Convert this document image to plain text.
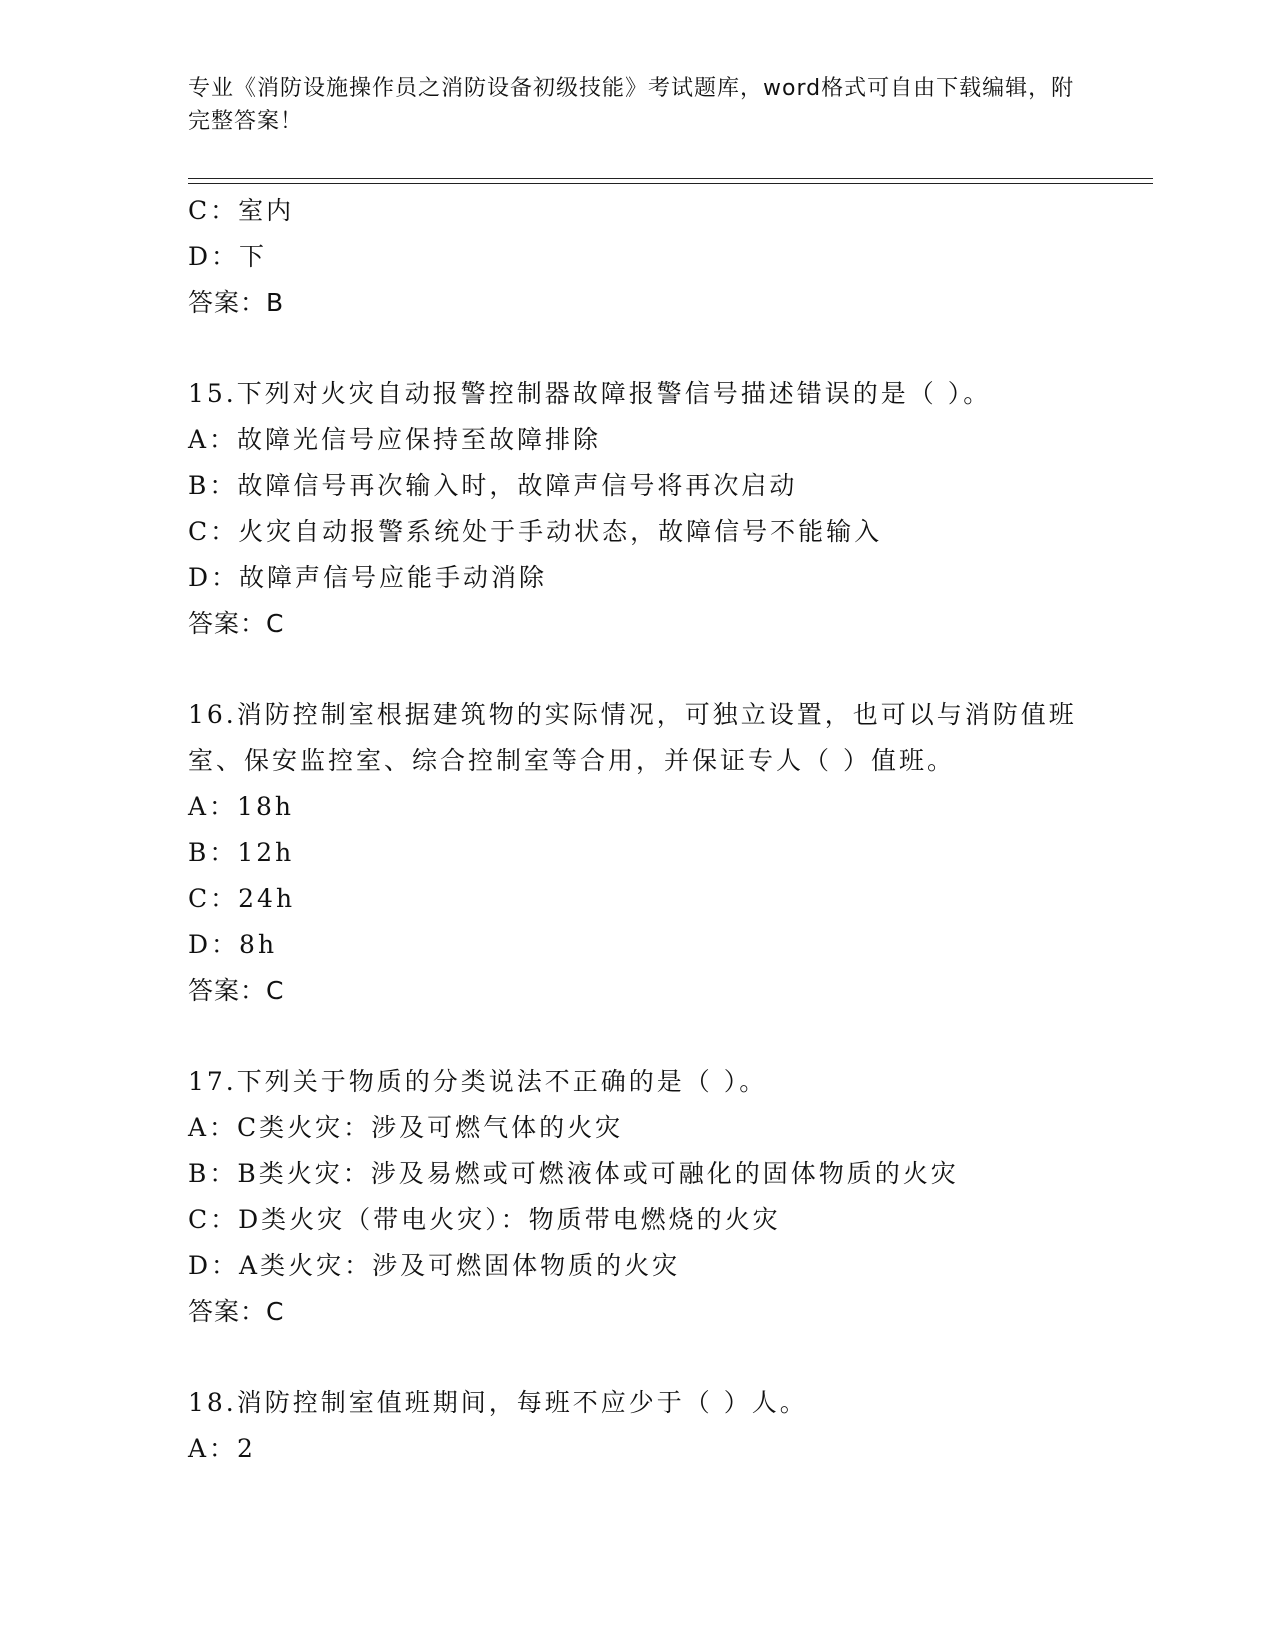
专业《消防设施操作员之消防设备初级技能》考试题库，word格式可自由下载编辑，附完整答案！
C：室内
D：下
答案：B
15.下列对火灾自动报警控制器故障报警信号描述错误的是（ ）。
A：故障光信号应保持至故障排除
B：故障信号再次输入时，故障声信号将再次启动
C：火灾自动报警系统处于手动状态，故障信号不能输入
D：故障声信号应能手动消除
答案：C
16.消防控制室根据建筑物的实际情况，可独立设置，也可以与消防值班室、保安监控室、综合控制室等合用，并保证专人（ ）值班。
A：18h
B：12h
C：24h
D：8h
答案：C
17.下列关于物质的分类说法不正确的是（ ）。
A：C类火灾：涉及可燃气体的火灾
B：B类火灾：涉及易燃或可燃液体或可融化的固体物质的火灾
C：D类火灾（带电火灾）：物质带电燃烧的火灾
D：A类火灾：涉及可燃固体物质的火灾
答案：C
18.消防控制室值班期间，每班不应少于（ ）人。
A：2
